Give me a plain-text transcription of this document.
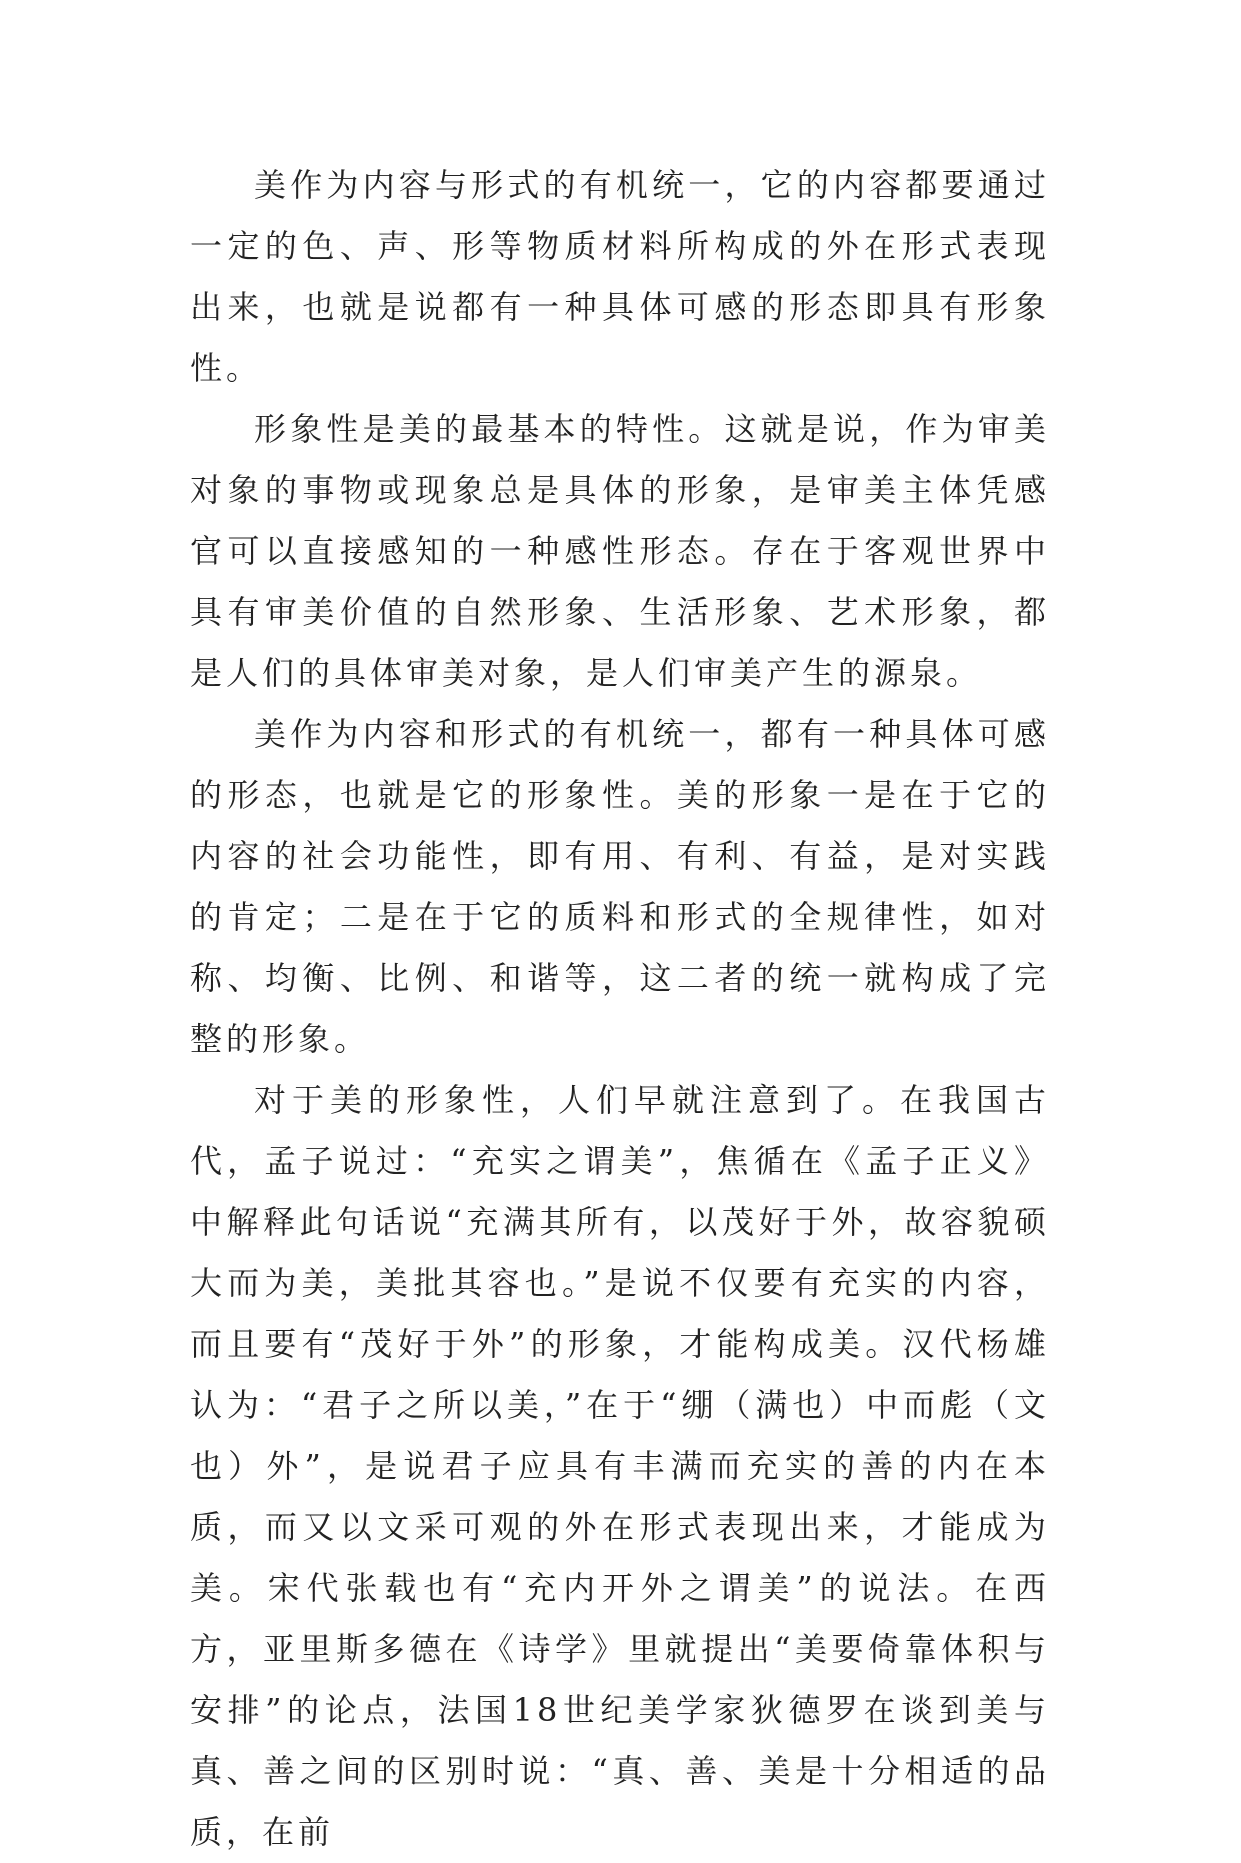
美作为内容与形式的有机统一，它的内容都要通过一定的色、声、形等物质材料所构成的外在形式表现出来，也就是说都有一种具体可感的形态即具有形象性。

形象性是美的最基本的特性。这就是说，作为审美对象的事物或现象总是具体的形象，是审美主体凭感官可以直接感知的一种感性形态。存在于客观世界中具有审美价值的自然形象、生活形象、艺术形象，都是人们的具体审美对象，是人们审美产生的源泉。

美作为内容和形式的有机统一，都有一种具体可感的形态，也就是它的形象性。美的形象一是在于它的内容的社会功能性，即有用、有利、有益，是对实践的肯定；二是在于它的质料和形式的全规律性，如对称、均衡、比例、和谐等，这二者的统一就构成了完整的形象。

对于美的形象性，人们早就注意到了。在我国古代，孟子说过：“充实之谓美”，焦循在《孟子正义》中解释此句话说“充满其所有，以茂好于外，故容貌硕大而为美，美批其容也。”是说不仅要有充实的内容，而且要有“茂好于外”的形象，才能构成美。汉代杨雄认为：“君子之所以美，”在于“绷（满也）中而彪（文也）外”，是说君子应具有丰满而充实的善的内在本质，而又以文采可观的外在形式表现出来，才能成为美。宋代张载也有“充内开外之谓美”的说法。在西方，亚里斯多德在《诗学》里就提出“美要倚靠体积与安排”的论点，法国18世纪美学家狄德罗在谈到美与真、善之间的区别时说：“真、善、美是十分相适的品质，在前
